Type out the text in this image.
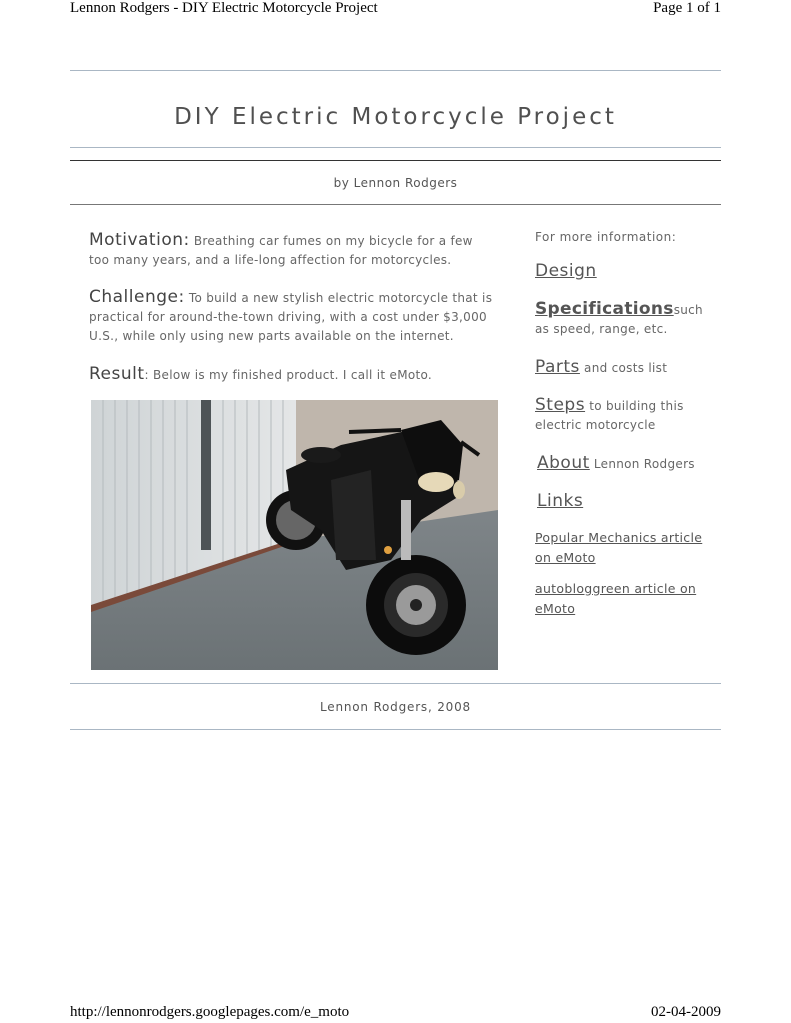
Lennon Rodgers - DIY Electric Motorcycle Project	Page 1 of 1
DIY Electric Motorcycle Project
by Lennon Rodgers
Motivation: Breathing car fumes on my bicycle for a few too many years, and a life-long affection for motorcycles.
Challenge: To build a new stylish electric motorcycle that is practical for around-the-town driving, with a cost under $3,000 U.S., while only using new parts available on the internet.
Result: Below is my finished product. I call it eMoto.
For more information:
Design
Specificationssuch as speed, range, etc.
Parts and costs list
Steps to building this electric motorcycle
About Lennon Rodgers
Links
Popular Mechanics article on eMoto
autobloggreen article on eMoto
Lennon Rodgers, 2008
http://lennonrodgers.googlepages.com/e_moto	02-04-2009
